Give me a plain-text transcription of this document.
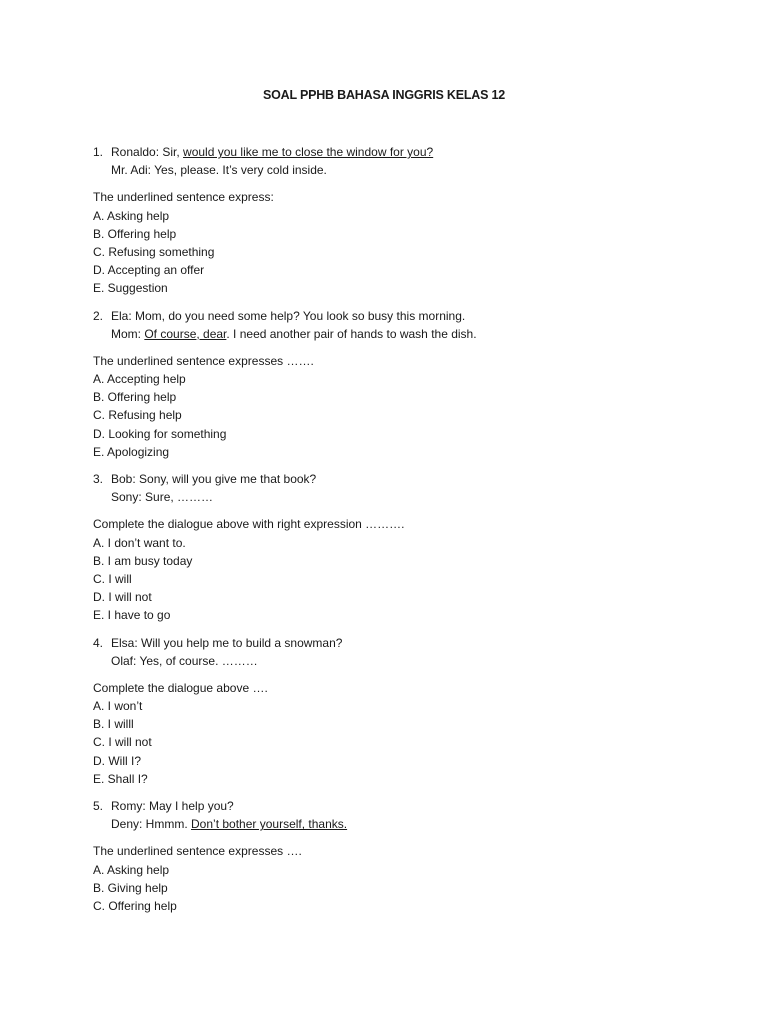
SOAL PPHB BAHASA INGGRIS KELAS 12
1. Ronaldo: Sir, would you like me to close the window for you?
Mr. Adi: Yes, please. It’s very cold inside.
The underlined sentence express:
A. Asking help
B. Offering help
C. Refusing something
D. Accepting an offer
E. Suggestion
2. Ela: Mom, do you need some help? You look so busy this morning.
Mom: Of course, dear. I need another pair of hands to wash the dish.
The underlined sentence expresses …….
A. Accepting help
B. Offering help
C. Refusing help
D. Looking for something
E. Apologizing
3. Bob: Sony, will you give me that book?
Sony: Sure, ………
Complete the dialogue above with right expression ……….
A. I don’t want to.
B. I am busy today
C. I will
D. I will not
E. I have to go
4. Elsa: Will you help me to build a snowman?
Olaf: Yes, of course. ………
Complete the dialogue above ….
A. I won’t
B. I willl
C. I will not
D. Will I?
E. Shall I?
5. Romy: May I help you?
Deny: Hmmm. Don’t bother yourself, thanks.
The underlined sentence expresses ….
A. Asking help
B. Giving help
C. Offering help
